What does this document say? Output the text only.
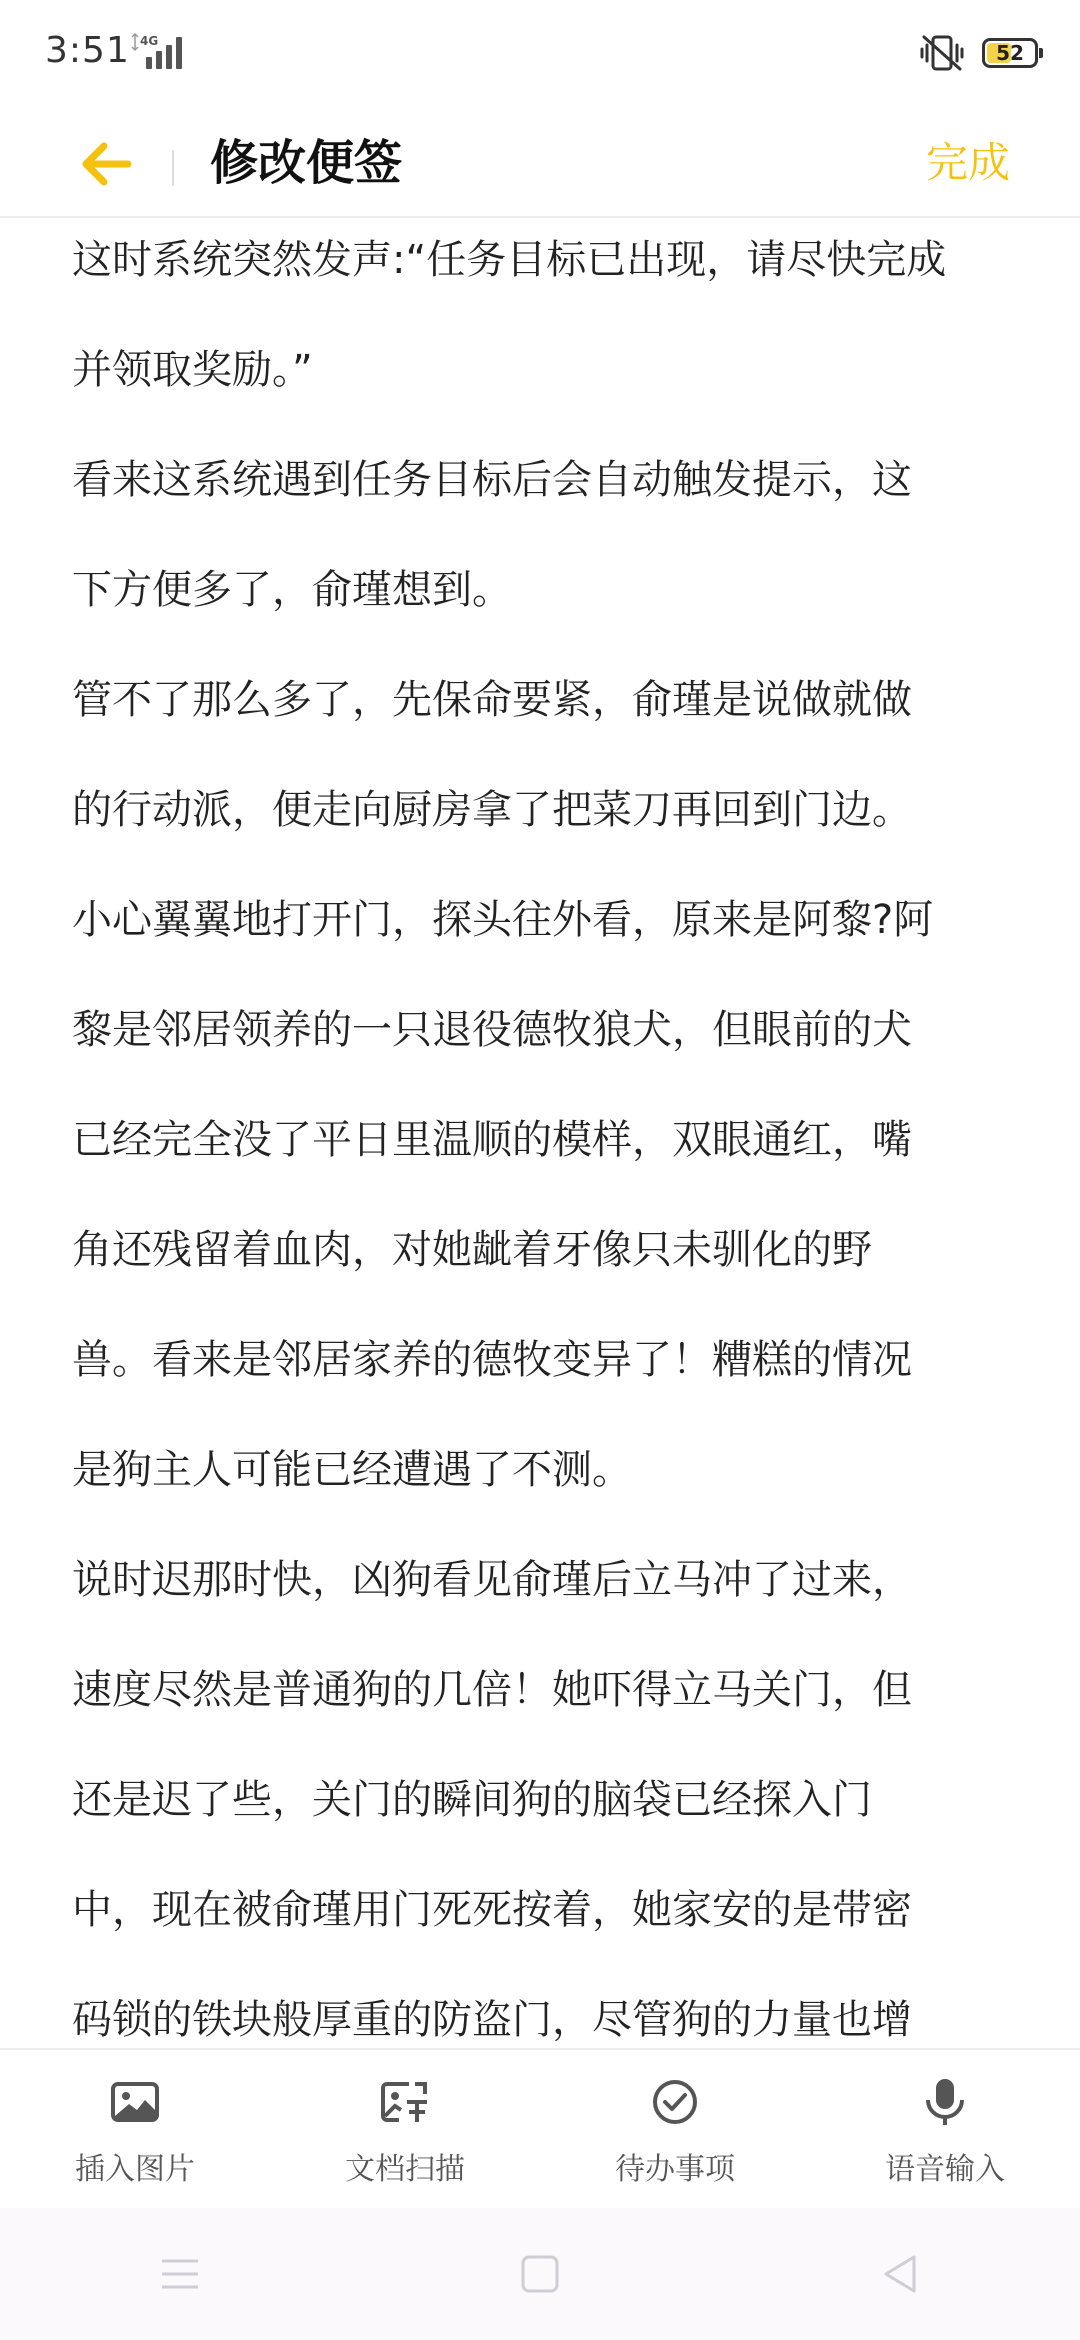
3:51 4G	52
修改便签	完成
这时系统突然发声:“任务目标已出现，请尽快完成
并领取奖励。”
看来这系统遇到任务目标后会自动触发提示，这
下方便多了，俞瑾想到。
管不了那么多了，先保命要紧，俞瑾是说做就做
的行动派，便走向厨房拿了把菜刀再回到门边。
小心翼翼地打开门，探头往外看，原来是阿黎?阿
黎是邻居领养的一只退役德牧狼犬，但眼前的犬
已经完全没了平日里温顺的模样，双眼通红，嘴
角还残留着血肉，对她龇着牙像只未驯化的野
兽。看来是邻居家养的德牧变异了！糟糕的情况
是狗主人可能已经遭遇了不测。
说时迟那时快，凶狗看见俞瑾后立马冲了过来，
速度尽然是普通狗的几倍！她吓得立马关门，但
还是迟了些，关门的瞬间狗的脑袋已经探入门
中，现在被俞瑾用门死死按着，她家安的是带密
码锁的铁块般厚重的防盗门，尽管狗的力量也增
插入图片	文档扫描	待办事项	语音输入
